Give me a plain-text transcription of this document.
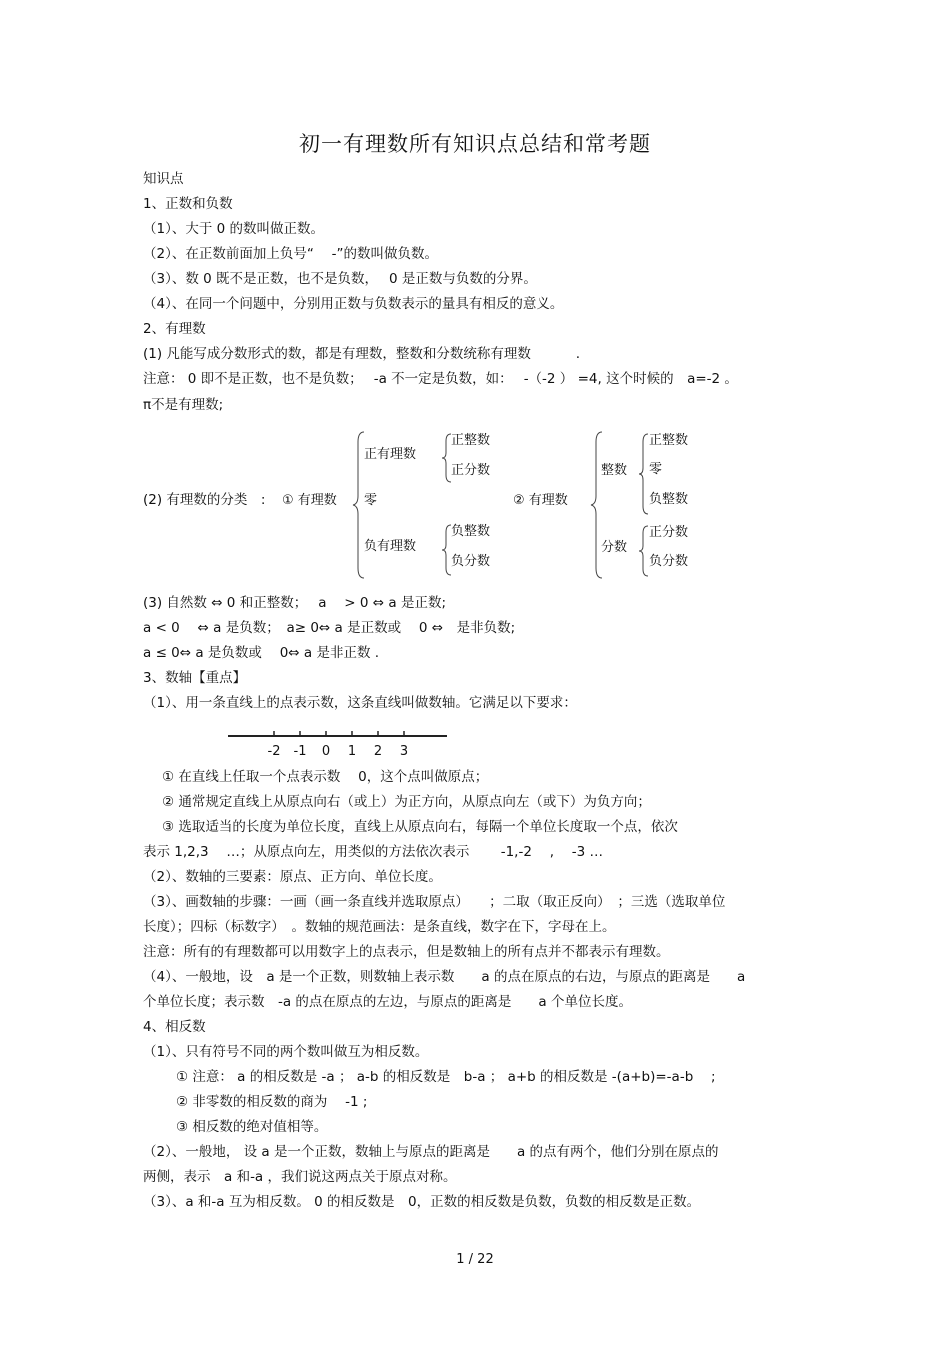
初一有理数所有知识点总结和常考题
知识点
1、正数和负数
（1）、大于 0 的数叫做正数。
（2）、在正数前面加上负号“　 -”的数叫做负数。
（3）、数 0 既不是正数，也不是负数，　 0 是正数与负数的分界。
（4）、在同一个问题中，分别用正数与负数表示的量具有相反的意义。
2、有理数
(1) 凡能写成分数形式的数，都是有理数，整数和分数统称有理数　　　 .
注意： 0 即不是正数，也不是负数；　 -a 不一定是负数，如：　 -（-2 ） =4, 这个时候的　a=-2 。
π不是有理数;
(2) 有理数的分类　: ① 有理数
正有理数
零
负有理数
正整数
正分数
负整数
负分数
② 有理数
整数
分数
正整数
零
负整数
正分数
负分数
(3) 自然数 ⇔ 0 和正整数；　 a 　> 0 ⇔ a 是正数;
a < 0 　⇔ a 是负数；　a≥ 0⇔ a 是正数或　 0 ⇔　是非负数;
a ≤ 0⇔ a 是负数或　 0⇔ a 是非正数 .
3、数轴【重点】
（1）、用一条直线上的点表示数，这条直线叫做数轴。它满足以下要求：
-2 -1 0 1 2 3
① 在直线上任取一个点表示数　 0，这个点叫做原点；
② 通常规定直线上从原点向右（或上）为正方向，从原点向左（或下）为负方向；
③ 选取适当的长度为单位长度，直线上从原点向右，每隔一个单位长度取一个点，依次
表示 1,2,3 　…；从原点向左，用类似的方法依次表示　　 -1,-2 　, 　-3 …
（2）、数轴的三要素：原点、正方向、单位长度。
（3）、画数轴的步骤：一画（画一条直线并选取原点）　　；二取（取正反向）　；三选（选取单位
长度）；四标（标数字）　。数轴的规范画法：是条直线，数字在下，字母在上。
注意：所有的有理数都可以用数字上的点表示，但是数轴上的所有点并不都表示有理数。
（4）、一般地，设　a 是一个正数，则数轴上表示数　　a 的点在原点的右边，与原点的距离是　　a
个单位长度；表示数　-a 的点在原点的左边，与原点的距离是　　a 个单位长度。
4、相反数
（1）、只有符号不同的两个数叫做互为相反数。
① 注意： a 的相反数是 -a ； a-b 的相反数是　b-a ； a+b 的相反数是 -(a+b)=-a-b 　;
② 非零数的相反数的商为　 -1 ;
③ 相反数的绝对值相等。
（2）、一般地， 设 a 是一个正数，数轴上与原点的距离是　　a 的点有两个，他们分别在原点的
两侧，表示　a 和-a ，我们说这两点关于原点对称。
（3）、a 和-a 互为相反数。 0 的相反数是　0，正数的相反数是负数，负数的相反数是正数。
1 / 22
